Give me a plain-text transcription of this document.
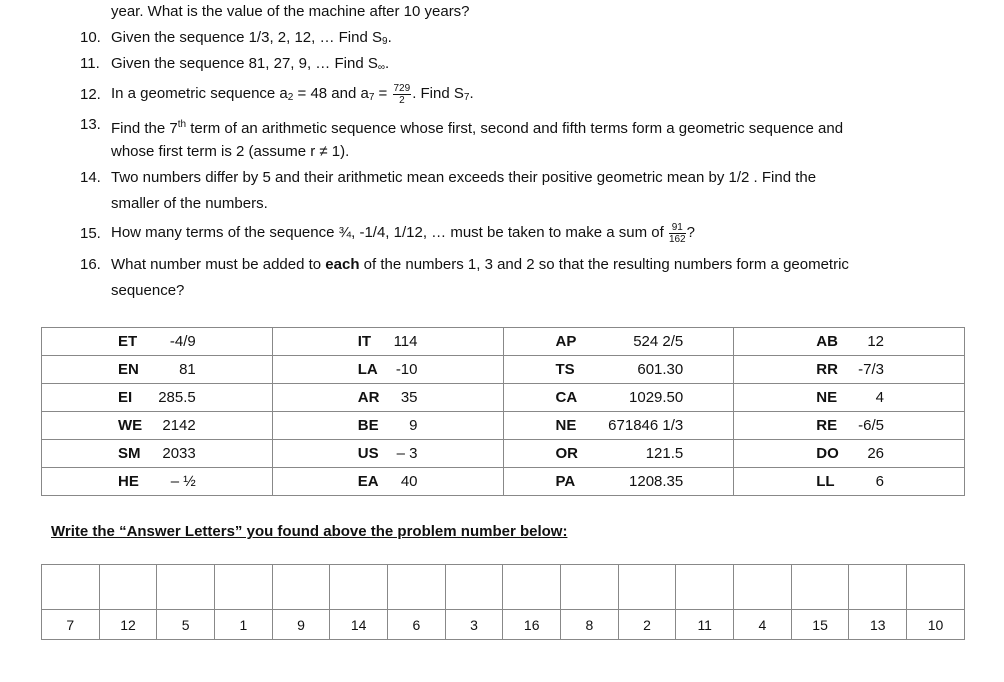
year. What is the value of the machine after 10 years?
10. Given the sequence 1/3, 2, 12, … Find $S_9$.
11. Given the sequence 81, 27, 9, … Find $S_\infty$.
12. In a geometric sequence $a_2 = 48$ and $a_7 = \frac{729}{2}$ . Find $S_7$.
13. Find the 7th term of an arithmetic sequence whose first, second and fifth terms form a geometric sequence and
whose first term is 2 (assume r ≠ 1).
14. Two numbers differ by 5 and their arithmetic mean exceeds their positive geometric mean by 1/2 . Find the
smaller of the numbers.
15. How many terms of the sequence ¾, -1/4, 1/12, … must be taken to make a sum of $\frac{91}{162}$ ?
16. What number must be added to each of the numbers 1, 3 and 2 so that the resulting numbers form a geometric
sequence?
ET -4/9	IT 114	AP 524 2/5	AB 12

EN 81	LA -10	TS 601.30	RR -7/3

EI 285.5	AR 35	CA 1029.50	NE 4

WE 2142	BE 9	NE 671846 1/3	RE -6/5

SM 2033	US – 3	OR 121.5	DO 26

HE – ½	EA 40	PA 1208.35	LL 6
Write the “Answer Letters” you found above the problem number below:

7	12	5	1	9	14	6	3	16	8	2	11	4	15	13	10
